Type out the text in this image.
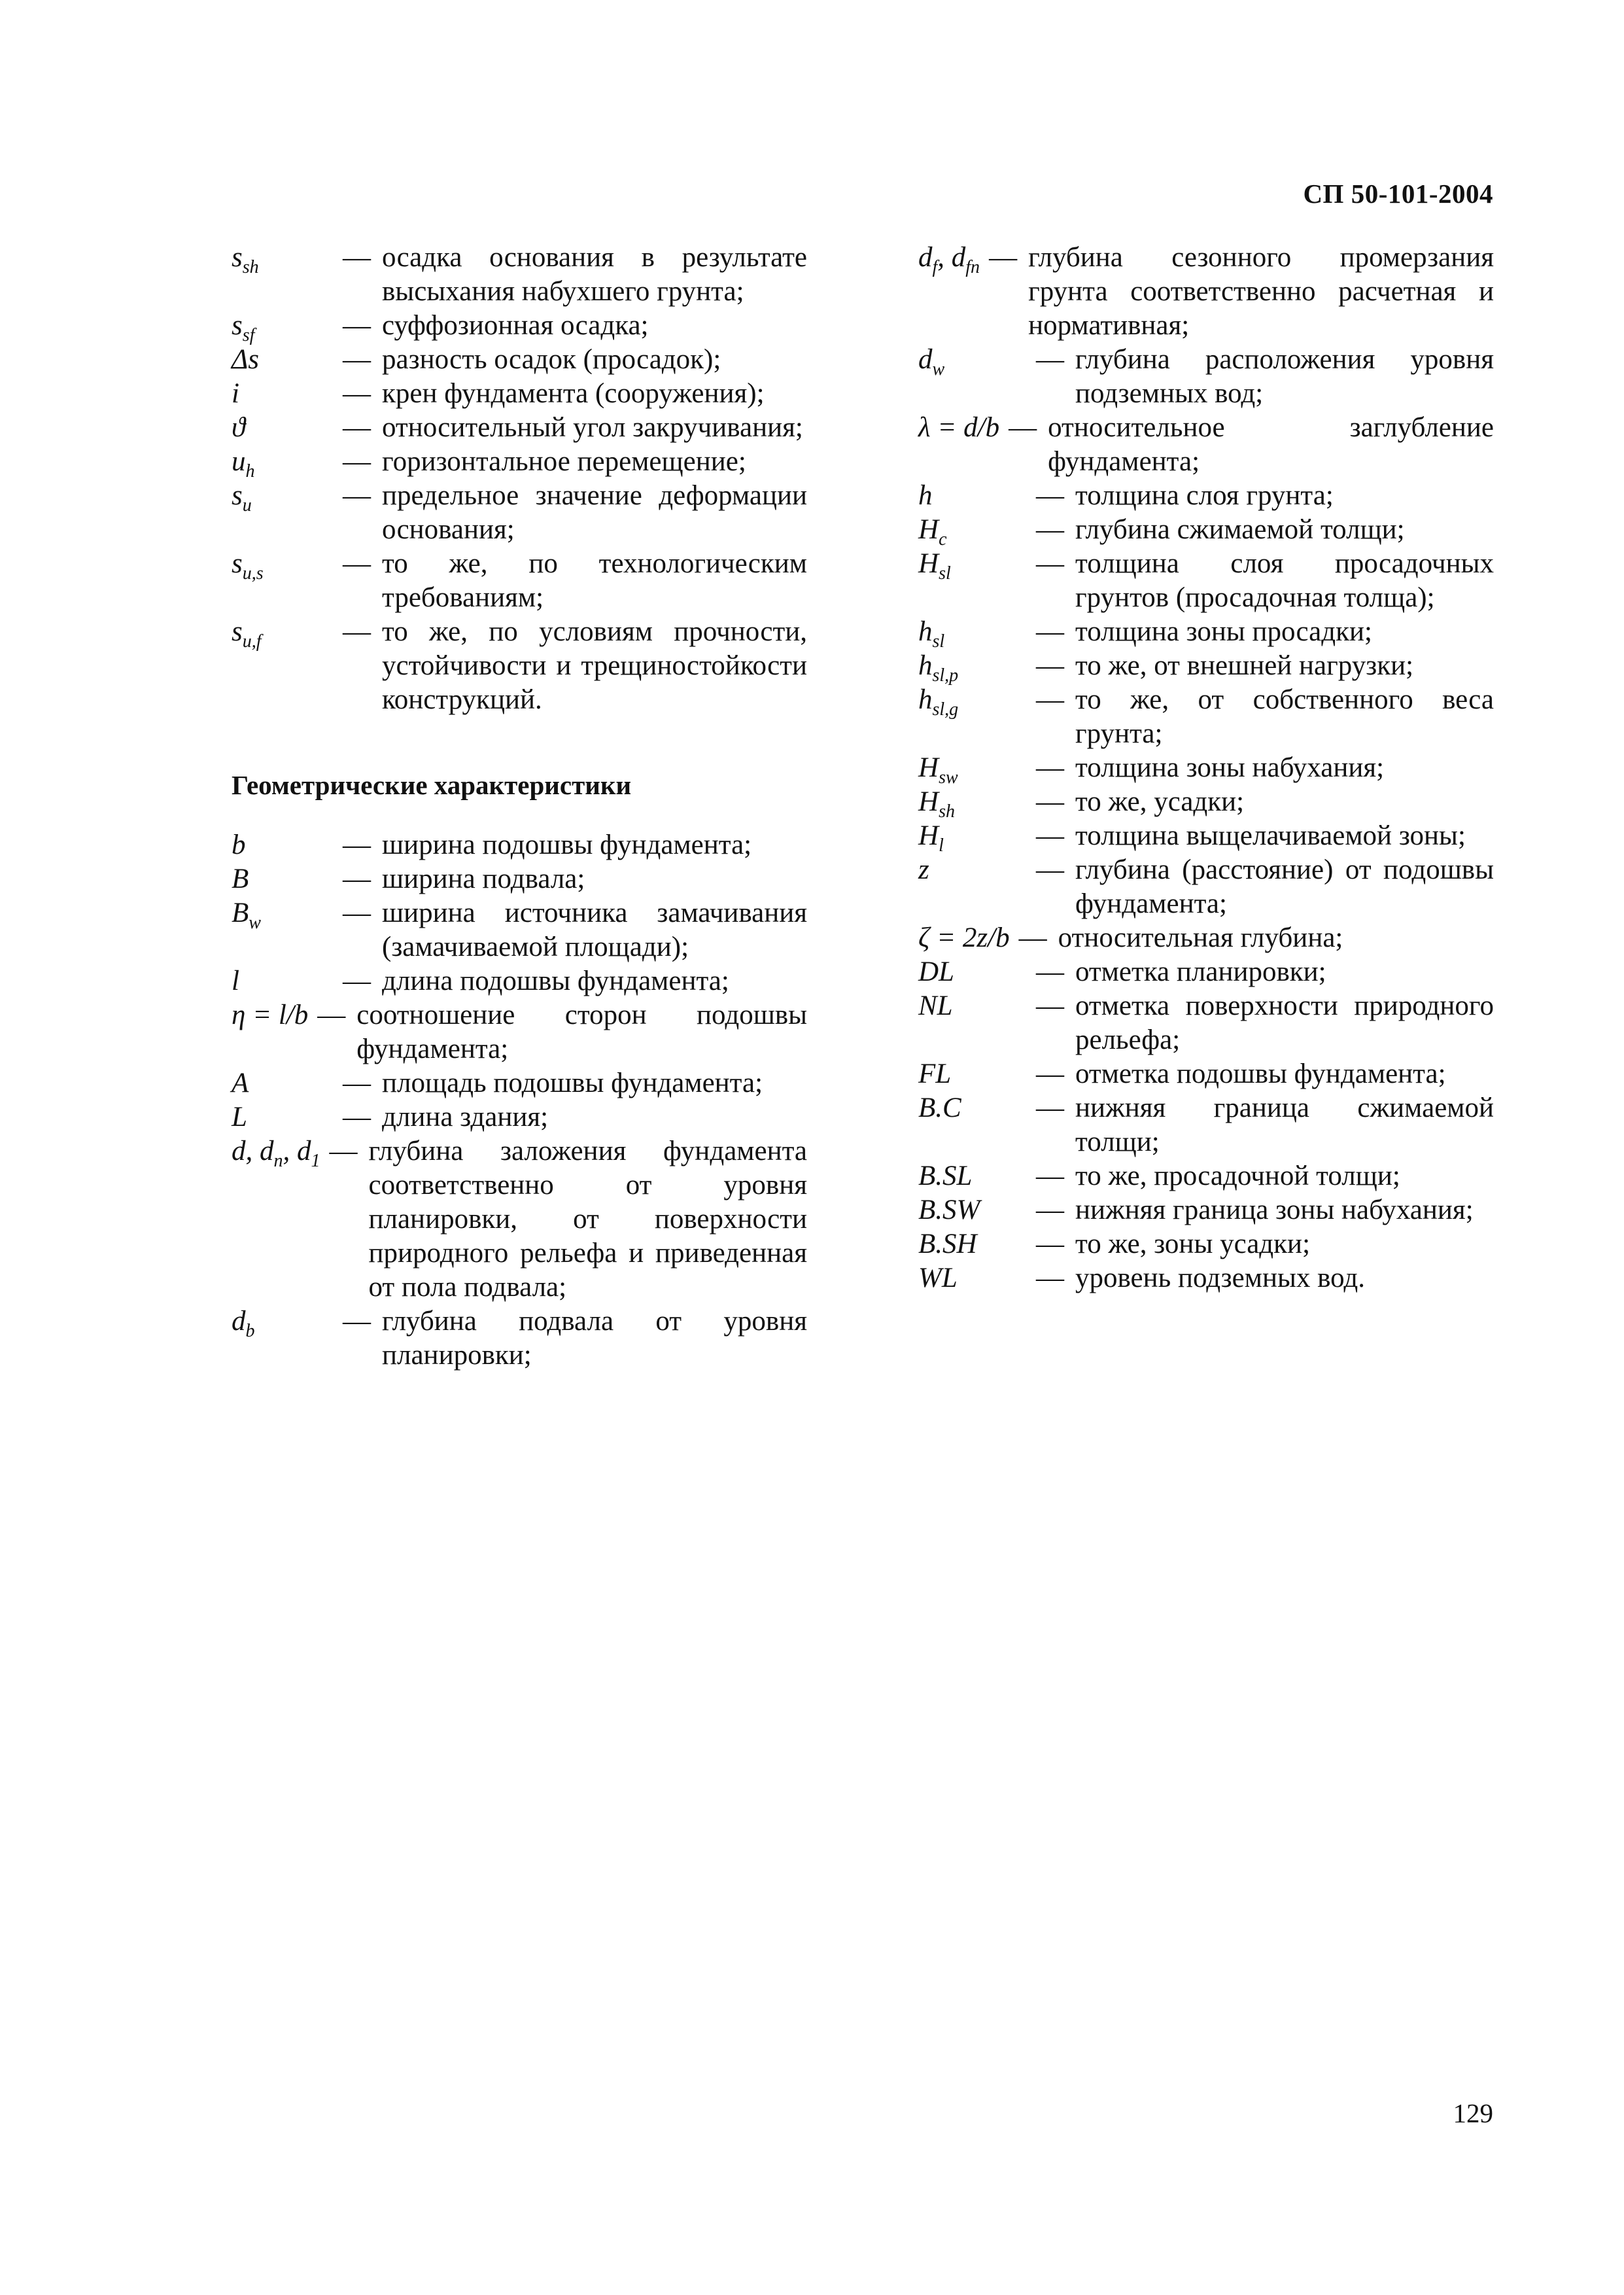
СП 50-101-2004
$s_{sh}$	— осадка основания в результате высыхания набухшего грунта;
$s_{sf}$	— суффозионная осадка;
Δs	— разность осадок (просадок);
i	— крен фундамента (сооружения);
ϑ	— относительный угол закручивания;
$u_h$	— горизонтальное перемещение;
$s_u$	— предельное значение деформации основания;
$s_{u,s}$	— то же, по технологическим требованиям;
$s_{u,f}$	— то же, по условиям прочности, устойчивости и трещиностойкости конструкций.
Геометрические характеристики
b	— ширина подошвы фундамента;
B	— ширина подвала;
$B_w$	— ширина источника замачивания (замачиваемой площади);
l	— длина подошвы фундамента;
η = l/b — соотношение сторон подошвы фундамента;
A	— площадь подошвы фундамента;
L	— длина здания;
d, $d_n$, $d_1$ — глубина заложения фундамента соответственно от уровня планировки, от поверхности природного рельефа и приведенная от пола подвала;
$d_b$	— глубина подвала от уровня планировки;
$d_f$, $d_{fn}$ — глубина сезонного промерзания грунта соответственно расчетная и нормативная;
$d_w$	— глубина расположения уровня подземных вод;
λ = d/b — относительное заглубление фундамента;
h	— толщина слоя грунта;
$H_c$	— глубина сжимаемой толщи;
$H_{sl}$	— толщина слоя просадочных грунтов (просадочная толща);
$h_{sl}$	— толщина зоны просадки;
$h_{sl,p}$	— то же, от внешней нагрузки;
$h_{sl,g}$	— то же, от собственного веса грунта;
$H_{sw}$	— толщина зоны набухания;
$H_{sh}$	— то же, усадки;
$H_l$	— толщина выщелачиваемой зоны;
z	— глубина (расстояние) от подошвы фундамента;
ζ = 2z/b — относительная глубина;
DL	— отметка планировки;
NL	— отметка поверхности природного рельефа;
FL	— отметка подошвы фундамента;
B.C	— нижняя граница сжимаемой толщи;
B.SL	— то же, просадочной толщи;
B.SW	— нижняя граница зоны набухания;
B.SH	— то же, зоны усадки;
WL	— уровень подземных вод.
129
